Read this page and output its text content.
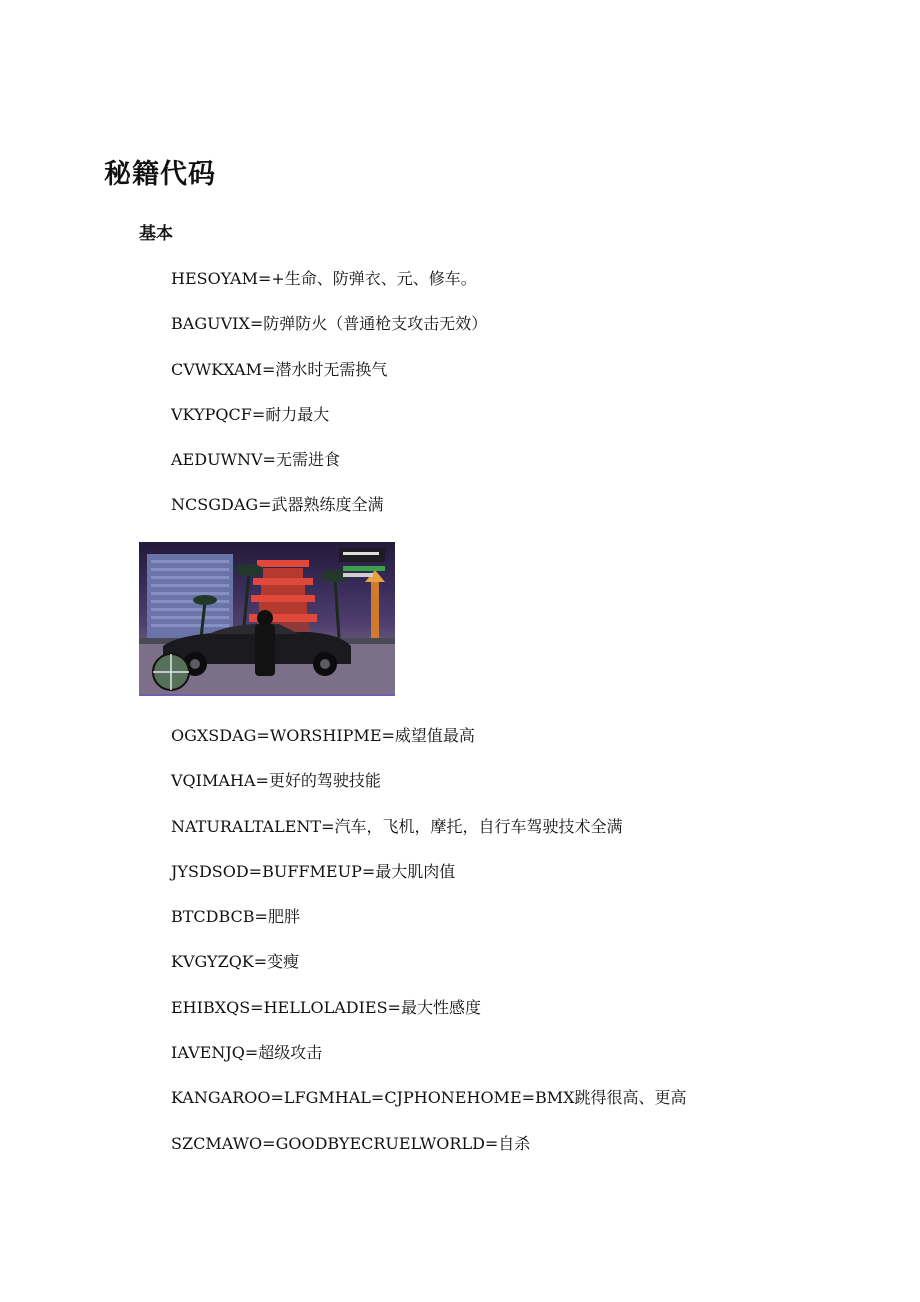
秘籍代码
基本
HESOYAM=+生命、防弹衣、元、修车。
BAGUVIX=防弹防火（普通枪支攻击无效）
CVWKXAM=潜水时无需换气
VKYPQCF=耐力最大
AEDUWNV=无需进食
NCSGDAG=武器熟练度全满
OGXSDAG=WORSHIPME=威望值最高
VQIMAHA=更好的驾驶技能
NATURALTALENT=汽车，飞机，摩托，自行车驾驶技术全满
JYSDSOD=BUFFMEUP=最大肌肉值
BTCDBCB=肥胖
KVGYZQK=变瘦
EHIBXQS=HELLOLADIES=最大性感度
IAVENJQ=超级攻击
KANGAROO=LFGMHAL=CJPHONEHOME=BMX跳得很高、更高
SZCMAWO=GOODBYECRUELWORLD=自杀
